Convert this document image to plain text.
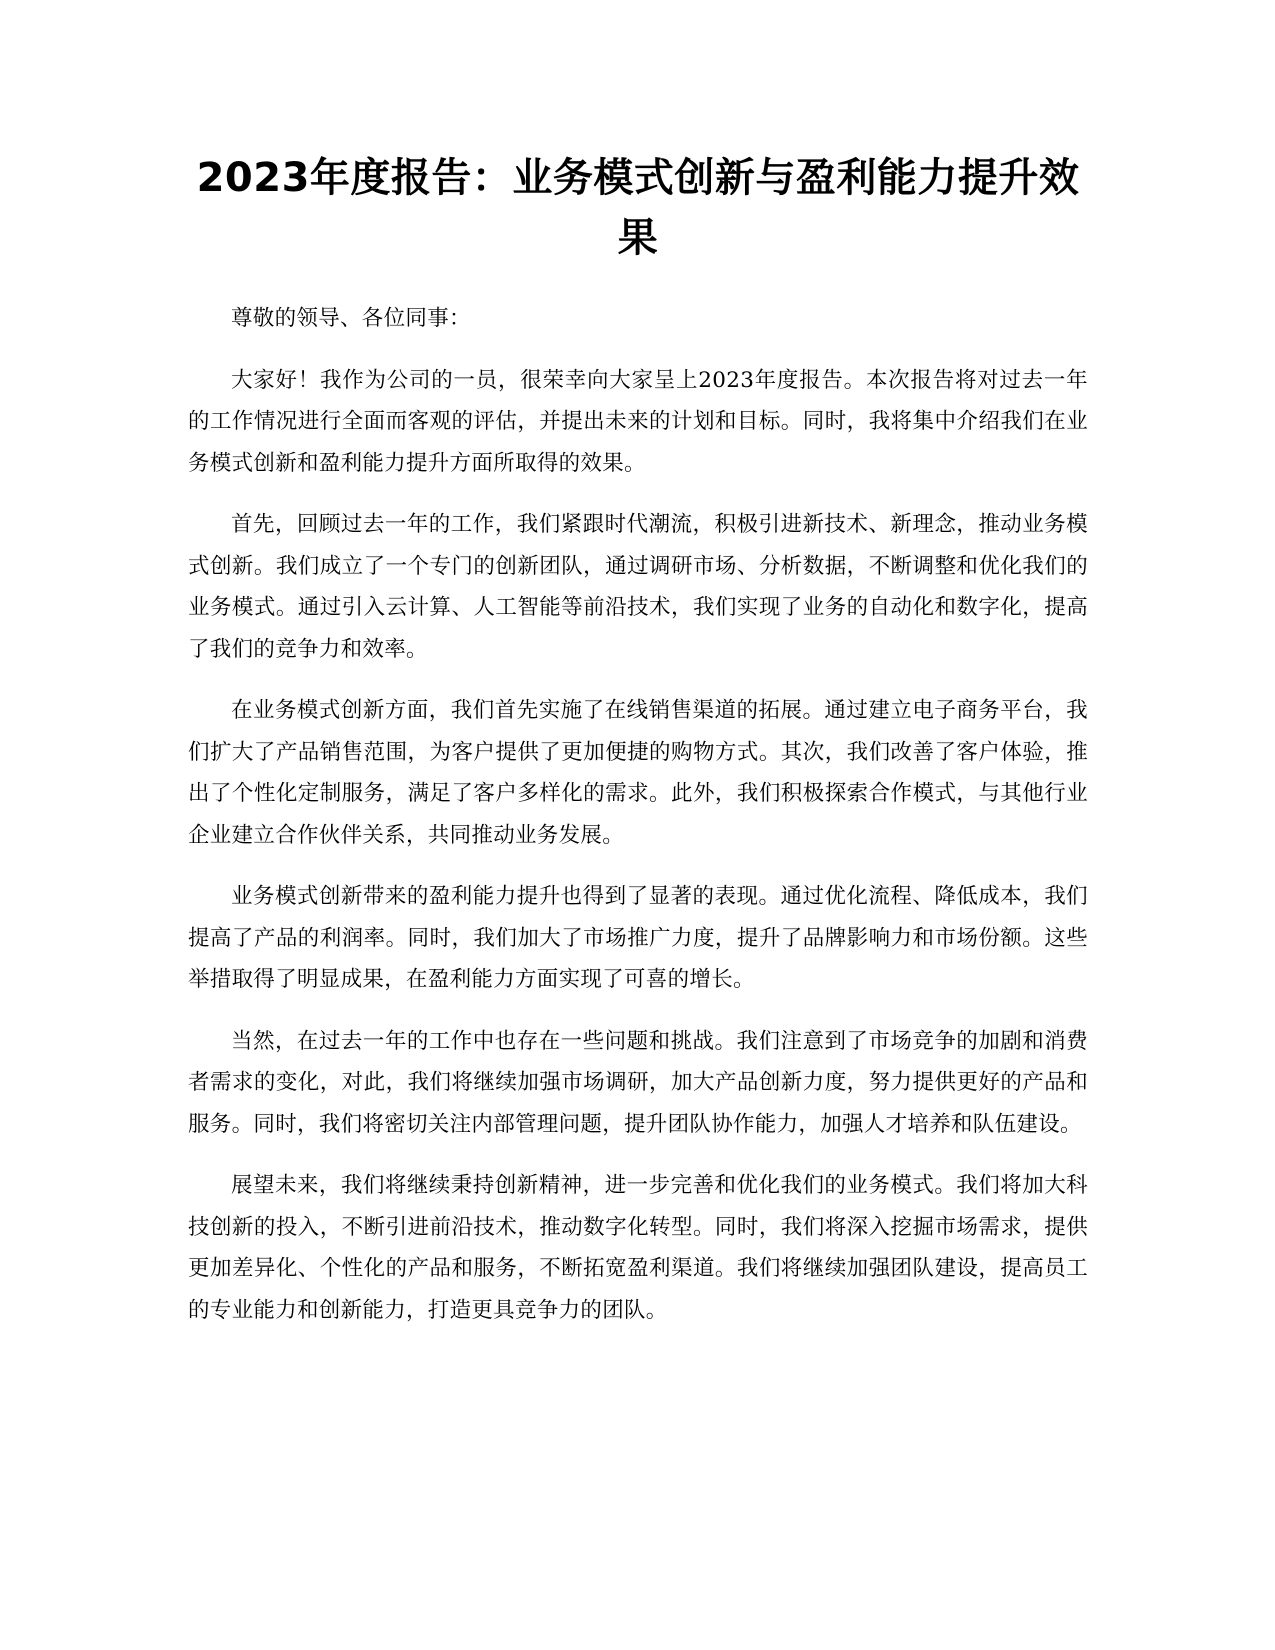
2023年度报告：业务模式创新与盈利能力提升效果

尊敬的领导、各位同事：

大家好！我作为公司的一员，很荣幸向大家呈上2023年度报告。本次报告将对过去一年的工作情况进行全面而客观的评估，并提出未来的计划和目标。同时，我将集中介绍我们在业务模式创新和盈利能力提升方面所取得的效果。

首先，回顾过去一年的工作，我们紧跟时代潮流，积极引进新技术、新理念，推动业务模式创新。我们成立了一个专门的创新团队，通过调研市场、分析数据，不断调整和优化我们的业务模式。通过引入云计算、人工智能等前沿技术，我们实现了业务的自动化和数字化，提高了我们的竞争力和效率。

在业务模式创新方面，我们首先实施了在线销售渠道的拓展。通过建立电子商务平台，我们扩大了产品销售范围，为客户提供了更加便捷的购物方式。其次，我们改善了客户体验，推出了个性化定制服务，满足了客户多样化的需求。此外，我们积极探索合作模式，与其他行业企业建立合作伙伴关系，共同推动业务发展。

业务模式创新带来的盈利能力提升也得到了显著的表现。通过优化流程、降低成本，我们提高了产品的利润率。同时，我们加大了市场推广力度，提升了品牌影响力和市场份额。这些举措取得了明显成果，在盈利能力方面实现了可喜的增长。

当然，在过去一年的工作中也存在一些问题和挑战。我们注意到了市场竞争的加剧和消费者需求的变化，对此，我们将继续加强市场调研，加大产品创新力度，努力提供更好的产品和服务。同时，我们将密切关注内部管理问题，提升团队协作能力，加强人才培养和队伍建设。

展望未来，我们将继续秉持创新精神，进一步完善和优化我们的业务模式。我们将加大科技创新的投入，不断引进前沿技术，推动数字化转型。同时，我们将深入挖掘市场需求，提供更加差异化、个性化的产品和服务，不断拓宽盈利渠道。我们将继续加强团队建设，提高员工的专业能力和创新能力，打造更具竞争力的团队。
